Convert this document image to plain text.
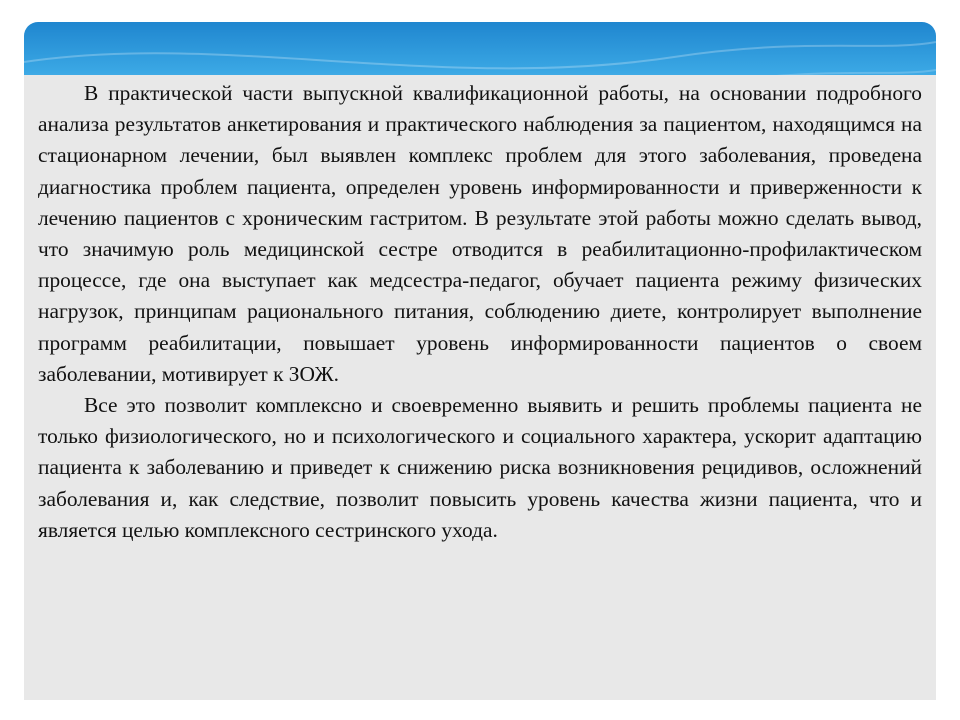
В практической части выпускной квалификационной работы, на основании подробного анализа результатов анкетирования и практического наблюдения за пациентом, находящимся на стационарном лечении, был выявлен комплекс проблем для этого заболевания, проведена диагностика проблем пациента, определен уровень информированности и приверженности к лечению пациентов с хроническим гастритом. В результате этой работы можно сделать вывод, что значимую роль медицинской сестре отводится в реабилитационно-профилактическом процессе, где она выступает как медсестра-педагог, обучает пациента режиму физических нагрузок, принципам рационального питания, соблюдению диете, контролирует выполнение программ реабилитации, повышает уровень информированности пациентов о своем заболевании, мотивирует к ЗОЖ.

Все это позволит комплексно и своевременно выявить и решить проблемы пациента не только физиологического, но и психологического и социального характера, ускорит адаптацию пациента к заболеванию и приведет к снижению риска возникновения рецидивов, осложнений заболевания и, как следствие, позволит повысить уровень качества жизни пациента, что и является целью комплексного сестринского ухода.
